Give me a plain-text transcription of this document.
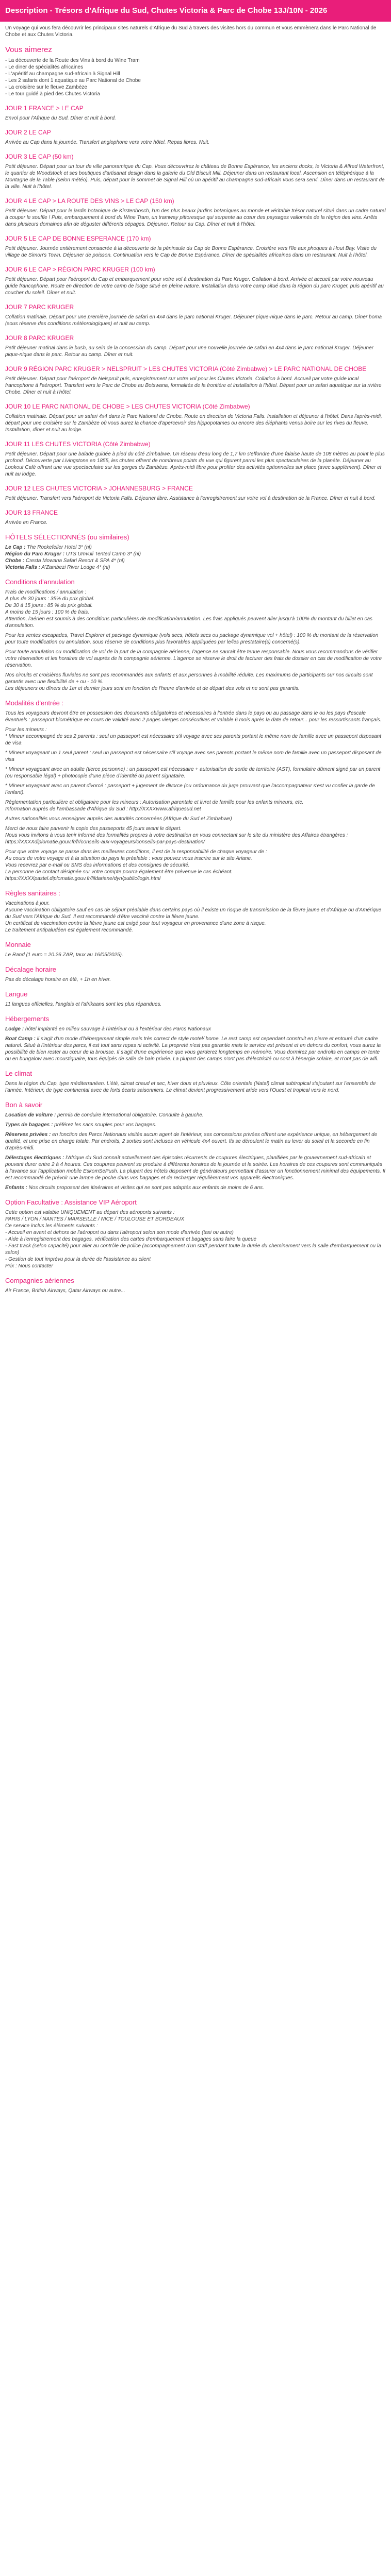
Description - Trésors d'Afrique du Sud, Chutes Victoria & Parc de Chobe 13J/10N - 2026

Un voyage qui vous fera découvrir les principaux sites naturels d'Afrique du Sud à travers des visites hors du commun et vous emmènera dans le Parc National de Chobe et aux Chutes Victoria.

Vous aimerez
- La découverte de la Route des Vins à bord du Wine Tram
- Le diner de spécialités africaines
- L'apéritif au champagne sud-africain à Signal Hill
- Les 2 safaris dont 1 aquatique au Parc National de Chobe
- La croisière sur le fleuve Zambèze
- Le tour guidé à pied des Chutes Victoria
JOUR 1 FRANCE > LE CAP

Envol pour l'Afrique du Sud. Dîner et nuit à bord.

JOUR 2 LE CAP

Arrivée au Cap dans la journée. Transfert anglophone vers votre hôtel. Repas libres. Nuit.

JOUR 3 LE CAP (50 km)

Petit déjeuner. Départ pour un tour de ville panoramique du Cap. Vous découvrirez le château de Bonne Espérance, les anciens docks, le Victoria & Alfred Waterfront, le quartier de Woodstock et ses boutiques d'artisanat design dans la galerie du Old Biscuit Mill. Déjeuner dans un restaurant local. Ascension en téléphérique à la Montagne de la Table (selon météo). Puis, départ pour le sommet de Signal Hill où un apéritif au champagne sud-africain vous sera servi. Dîner dans un restaurant de la ville. Nuit à l'hôtel.

JOUR 4 LE CAP > LA ROUTE DES VINS > LE CAP (150 km)

Petit déjeuner. Départ pour le jardin botanique de Kirstenbosch, l'un des plus beaux jardins botaniques au monde et véritable trésor naturel situé dans un cadre naturel à couper le souffle ! Puis, embarquement à bord du Wine Tram, un tramway pittoresque qui serpente au cœur des paysages vallonnés de la région des vins. Arrêts dans plusieurs domaines afin de déguster différents cépages. Déjeuner. Retour au Cap. Dîner et nuit à l'hôtel.

JOUR 5 LE CAP DE BONNE ESPERANCE (170 km)

Petit déjeuner. Journée entièrement consacrée à la découverte de la péninsule du Cap de Bonne Espérance. Croisière vers l'île aux phoques à Hout Bay. Visite du village de Simon's Town. Déjeuner de poisson. Continuation vers le Cap de Bonne Espérance. Dîner de spécialités africaines dans un restaurant. Nuit à l'hôtel.

JOUR 6 LE CAP > RÉGION PARC KRUGER (100 km)

Petit déjeuner. Départ pour l'aéroport du Cap et embarquement pour votre vol à destination du Parc Kruger. Collation à bord. Arrivée et accueil par votre nouveau guide francophone. Route en direction de votre camp de lodge situé en pleine nature. Installation dans votre camp situé dans la région du parc Kruger, puis apéritif au coucher du soleil. Dîner et nuit.

JOUR 7 PARC KRUGER

Collation matinale. Départ pour une première journée de safari en 4x4 dans le parc national Kruger. Déjeuner pique-nique dans le parc. Retour au camp. Dîner boma (sous réserve des conditions météorologiques) et nuit au camp.

JOUR 8 PARC KRUGER

Petit déjeuner matinal dans le bush, au sein de la concession du camp. Départ pour une nouvelle journée de safari en 4x4 dans le parc national Kruger. Déjeuner pique-nique dans le parc. Retour au camp. Dîner et nuit.

JOUR 9 RÉGION PARC KRUGER > NELSPRUIT > LES CHUTES VICTORIA (Côté Zimbabwe) > LE PARC NATIONAL DE CHOBE

Petit déjeuner. Départ pour l'aéroport de Nelspruit puis, enregistrement sur votre vol pour les Chutes Victoria. Collation à bord. Accueil par votre guide local francophone à l'aéroport. Transfert vers le Parc de Chobe au Botswana, formalités de la frontière et installation à l'hôtel. Départ pour un safari aquatique sur la rivière Chobe. Dîner et nuit à l'hôtel.

JOUR 10 LE PARC NATIONAL DE CHOBE > LES CHUTES VICTORIA (Côté Zimbabwe)

Collation matinale. Départ pour un safari 4x4 dans le Parc National de Chobe. Route en direction de Victoria Falls. Installation et déjeuner à l'hôtel. Dans l'après-midi, départ pour une croisière sur le Zambèze où vous aurez la chance d'apercevoir des hippopotames ou encore des éléphants venus boire sur les rives du fleuve. Installation, dîner et nuit au lodge.

JOUR 11 LES CHUTES VICTORIA (Côté Zimbabwe)

Petit déjeuner. Départ pour une balade guidée à pied du côté Zimbabwe. Un réseau d'eau long de 1,7 km s'effondre d'une falaise haute de 108 mètres au point le plus profond. Découverte par Livingstone en 1855, les chutes offrent de nombreux points de vue qui figurent parmi les plus spectaculaires de la planète. Déjeuner au Lookout Café offrant une vue spectaculaire sur les gorges du Zambèze. Après-midi libre pour profiter des activités optionnelles sur place (avec supplément). Dîner et nuit au lodge.

JOUR 12 LES CHUTES VICTORIA > JOHANNESBURG > FRANCE

Petit déjeuner. Transfert vers l'aéroport de Victoria Falls. Déjeuner libre. Assistance à l'enregistrement sur votre vol à destination de la France. Dîner et nuit à bord.

JOUR 13 FRANCE

Arrivée en France.

HÔTELS SÉLECTIONNÉS (ou similaires)

Le Cap : The Rockefeller Hotel 3* (nl)

Région du Parc Kruger : UTS Umvuli Tented Camp 3* (nl)

Chobe : Cresta Mowana Safari Resort & SPA 4* (nl)

Victoria Falls : A'Zambezi River Lodge 4* (nl)

Conditions d'annulation

Frais de modifications / annulation :
A plus de 30 jours : 35% du prix global.
De 30 à 15 jours : 85 % du prix global.
A moins de 15 jours : 100 % de frais.
Attention, l'aérien est soumis à des conditions particulières de modification/annulation. Les frais appliqués peuvent aller jusqu'à 100% du montant du billet en cas d'annulation.

Pour les ventes escapades, Travel Explorer et package dynamique (vols secs, hôtels secs ou package dynamique vol + hôtel) : 100 % du montant de la réservation pour toute modification ou annulation, sous réserve de conditions plus favorables appliquées par le/les prestataire(s) concerné(s).

Pour toute annulation ou modification de vol de la part de la compagnie aérienne, l'agence ne saurait être tenue responsable. Nous vous recommandons de vérifier votre réservation et les horaires de vol auprès de la compagnie aérienne. L'agence se réserve le droit de facturer des frais de dossier en cas de modification de votre réservation.

Nos circuits et croisières fluviales ne sont pas recommandés aux enfants et aux personnes à mobilité réduite. Les maximums de participants sur nos circuits sont garantis avec une flexibilité de + ou - 10 %.
Les déjeuners ou dîners du 1er et dernier jours sont en fonction de l'heure d'arrivée et de départ des vols et ne sont pas garantis.

Modalités d'entrée :

Tous les voyageurs devront être en possession des documents obligatoires et nécessaires à l'entrée dans le pays ou au passage dans le ou les pays d'escale éventuels : passeport biométrique en cours de validité avec 2 pages vierges consécutives et valable 6 mois après la date de retour... pour les ressortissants français.

Pour les mineurs :
* Mineur accompagné de ses 2 parents : seul un passeport est nécessaire s'il voyage avec ses parents portant le même nom de famille avec un passeport disposant de visa

* Mineur voyageant un 1 seul parent : seul un passeport est nécessaire s'il voyage avec ses parents portant le même nom de famille avec un passeport disposant de visa

* Mineur voyageant avec un adulte (tierce personne) : un passeport est nécessaire + autorisation de sortie de territoire (AST), formulaire dûment signé par un parent (ou responsable légal) + photocopie d'une pièce d'identité du parent signataire.

* Mineur voyageant avec un parent divorcé : passeport + jugement de divorce (ou ordonnance du juge prouvant que l'accompagnateur s'est vu confier la garde de l'enfant).

Règlementation particulière et obligatoire pour les mineurs : Autorisation parentale et livret de famille pour les enfants mineurs, etc.
Information auprès de l'ambassade d'Afrique du Sud : http://XXXXwww.afriquesud.net

Autres nationalités vous renseigner auprès des autorités concernées (Afrique du Sud et Zimbabwe)

Merci de nous faire parvenir la copie des passeports 45 jours avant le départ.
Nous vous invitons à vous tenir informé des formalités propres à votre destination en vous connectant sur le site du ministère des Affaires étrangères : https://XXXXdiplomatie.gouv.fr/fr/conseils-aux-voyageurs/conseils-par-pays-destination/

Pour que votre voyage se passe dans les meilleures conditions, il est de la responsabilité de chaque voyageur de :
Au cours de votre voyage et à la situation du pays la préalable : vous pouvez vous inscrire sur le site Ariane.
Vous recevrez par e-mail ou SMS des informations et des consignes de sécurité.
La personne de contact désignée sur votre compte pourra également être prévenue le cas échéant.
https://XXXXpastel.diplomatie.gouv.fr/fildariane/dyn/public/login.html

Règles sanitaires :

Vaccinations à jour.
Aucune vaccination obligatoire sauf en cas de séjour préalable dans certains pays où il existe un risque de transmission de la fièvre jaune et d'Afrique ou d'Amérique du Sud vers l'Afrique du Sud. Il est recommandé d'être vacciné contre la fièvre jaune.
Un certificat de vaccination contre la fièvre jaune est exigé pour tout voyageur en provenance d'une zone à risque.
Le traitement antipaludéen est également recommandé.

Monnaie

Le Rand (1 euro = 20.26 ZAR, taux au 16/05/2025).

Décalage horaire

Pas de décalage horaire en été, + 1h en hiver.

Langue

11 langues officielles, l'anglais et l'afrikaans sont les plus répandues.

Hébergements

Lodge : hôtel implanté en milieu sauvage à l'intérieur ou à l'extérieur des Parcs Nationaux

Boat Camp : il s'agit d'un mode d'hébergement simple mais très correct de style motel/ home. Le rest camp est cependant construit en pierre et entouré d'un cadre naturel. Situé à l'intérieur des parcs, il est tout sans repas ni activité. La propreté n'est pas garantie mais le service est présent et en dehors du confort, vous aurez la possibilité de bien rester au cœur de la brousse. Il s'agit d'une expérience que vous garderez longtemps en mémoire. Vous dormirez par endroits en camps en tente ou en bungalow avec moustiquaire, tous équipés de salle de bain privée. La plupart des camps n'ont pas d'électricité ou sont à l'énergie solaire, et n'ont pas de wifi.

Le climat

Dans la région du Cap, type méditerranéen. L'été, climat chaud et sec, hiver doux et pluvieux. Côte orientale (Natal) climat subtropical s'ajoutant sur l'ensemble de l'année. Intérieur, de type continental avec de forts écarts saisonniers. Le climat devient progressivement aride vers l'Ouest et tropical vers le nord.

Bon à savoir

Location de voiture : permis de conduire international obligatoire. Conduite à gauche.

Types de bagages : préférez les sacs souples pour vos bagages.

Réserves privées : en fonction des Parcs Nationaux visités aucun agent de l'intérieur, ses concessions privées offrent une expérience unique, en hébergement de qualité, et une prise en charge totale. Par endroits, 2 sorties sont incluses en véhicule 4x4 ouvert. Ils se déroulent le matin au lever du soleil et la seconde en fin d'après-midi.

Délestages électriques : l'Afrique du Sud connaît actuellement des épisodes récurrents de coupures électriques, planifiées par le gouvernement sud-africain et pouvant durer entre 2 à 4 heures. Ces coupures peuvent se produire à différents horaires de la journée et la soirée. Les horaires de ces coupures sont communiqués à l'avance sur l'application mobile EskomSePush. La plupart des hôtels disposent de générateurs permettant d'assurer un fonctionnement minimal des équipements. Il est recommandé de prévoir une lampe de poche dans vos bagages et de recharger régulièrement vos appareils électroniques.

Enfants : Nos circuits proposent des itinéraires et visites qui ne sont pas adaptés aux enfants de moins de 6 ans.

Option Facultative : Assistance VIP Aéroport

Cette option est valable UNIQUEMENT au départ des aéroports suivants :
PARIS / LYON / NANTES / MARSEILLE / NICE / TOULOUSE ET BORDEAUX
Ce service inclus les éléments suivants :
- Accueil en avant et dehors de l'aéroport ou dans l'aéroport selon son mode d'arrivée (taxi ou autre)
- Aide à l'enregistrement des bagages, vérification des cartes d'embarquement et bagages sans faire la queue
- Fast track (selon capacité) pour aller au contrôle de police (accompagnement d'un staff pendant toute la durée du cheminement vers la salle d'embarquement ou la salon)
- Gestion de tout imprévu pour la durée de l'assistance au client
Prix : Nous contacter

Compagnies aériennes

Air France, British Airways, Qatar Airways ou autre...
